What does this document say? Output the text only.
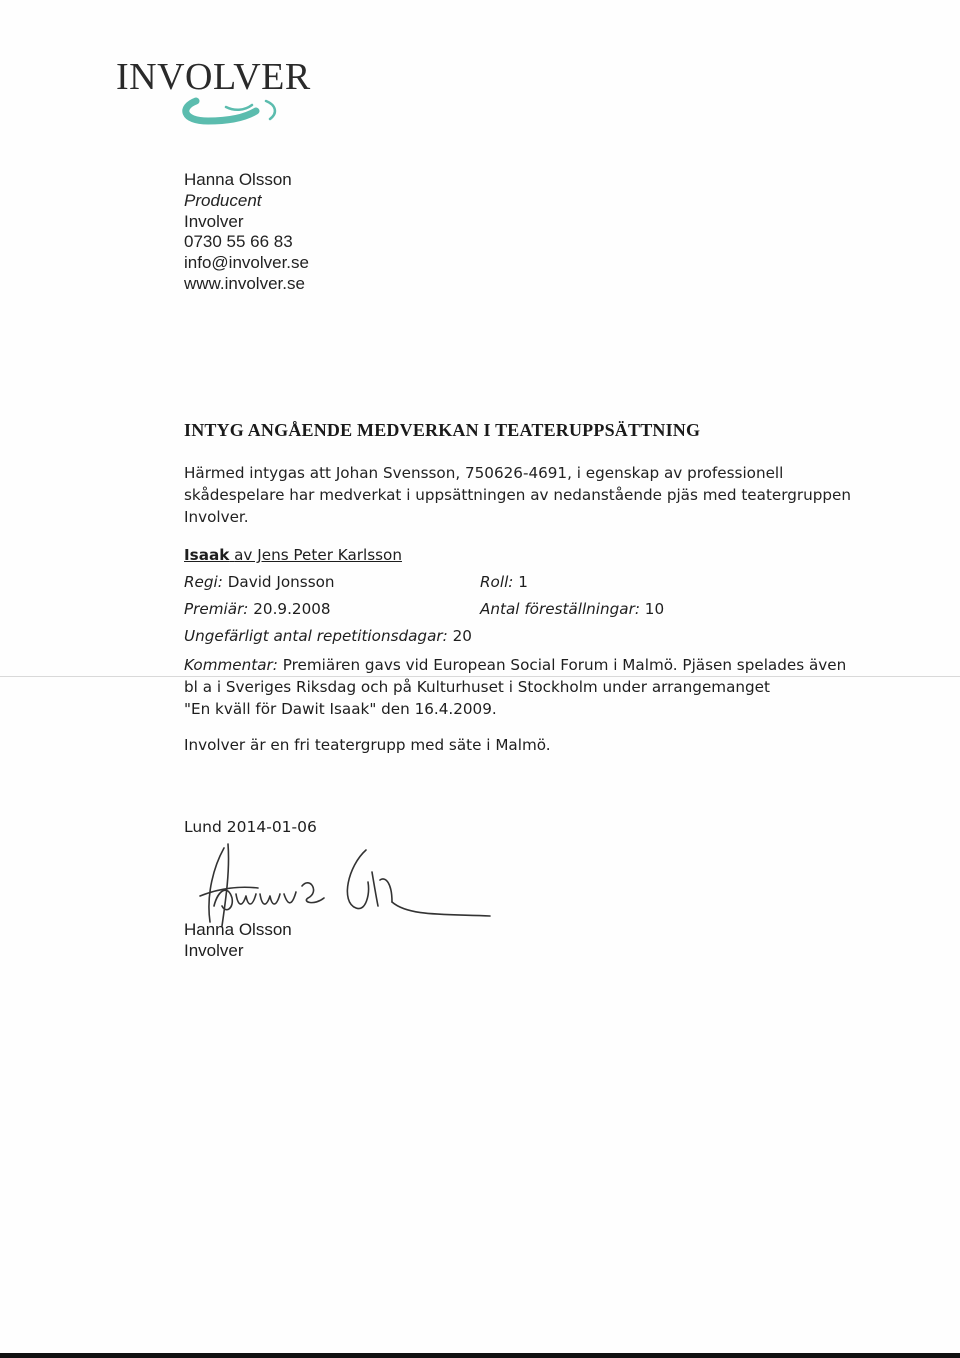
INVOLVER
Hanna Olsson
Producent
Involver
0730 55 66 83
info@involver.se
www.involver.se
INTYG ANGÅENDE MEDVERKAN I TEATERUPPSÄTTNING
Härmed intygas att Johan Svensson, 750626-4691, i egenskap av professionell skådespelare har medverkat i uppsättningen av nedanstående pjäs med teatergruppen Involver.
Isaak av Jens Peter Karlsson
Regi: David Jonsson	Roll: 1
Premiär: 20.9.2008	Antal föreställningar: 10
Ungefärligt antal repetitionsdagar: 20
Kommentar: Premiären gavs vid European Social Forum i Malmö. Pjäsen spelades även
bl a i Sveriges Riksdag och på Kulturhuset i Stockholm under arrangemanget
"En kväll för Dawit Isaak" den 16.4.2009.
Involver är en fri teatergrupp med säte i Malmö.
Lund 2014-01-06
Hanna Olsson
Involver
